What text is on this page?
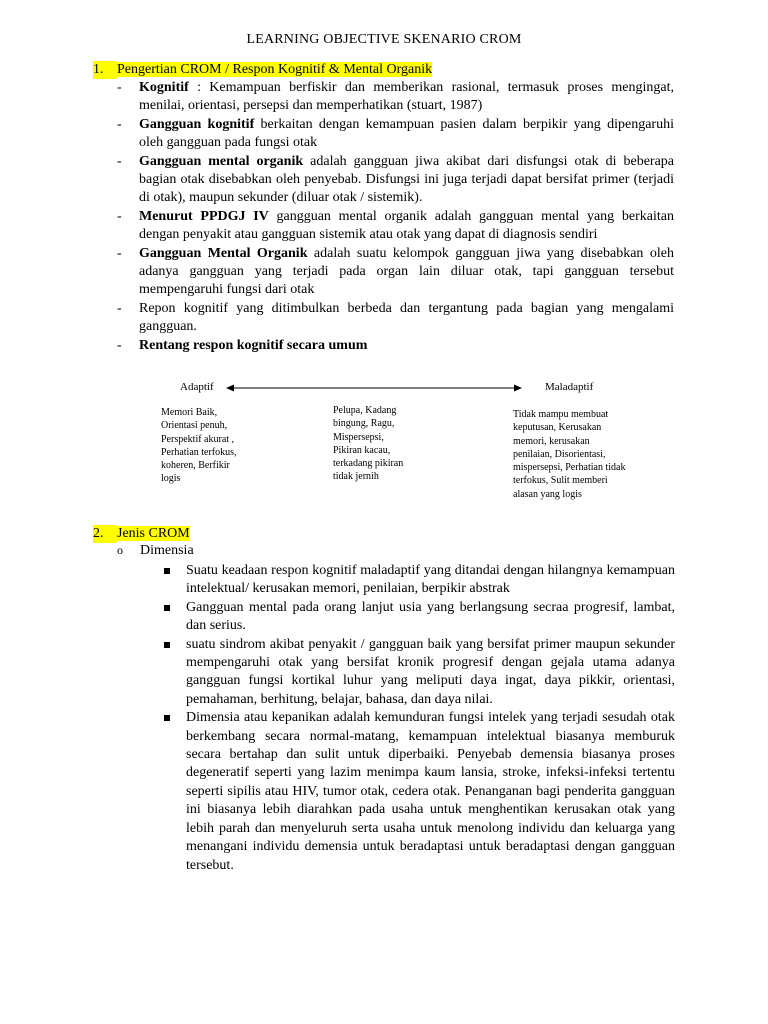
LEARNING OBJECTIVE SKENARIO CROM
1. Pengertian CROM / Respon Kognitif & Mental Organik
- Kognitif : Kemampuan berfiskir dan memberikan rasional, termasuk proses mengingat, menilai, orientasi, persepsi dan memperhatikan (stuart, 1987)
- Gangguan kognitif berkaitan dengan kemampuan pasien dalam berpikir yang dipengaruhi oleh gangguan pada fungsi otak
- Gangguan mental organik adalah gangguan jiwa akibat dari disfungsi otak di beberapa bagian otak disebabkan oleh penyebab. Disfungsi ini juga terjadi dapat bersifat primer (terjadi di otak), maupun sekunder (diluar otak / sistemik).
- Menurut PPDGJ IV gangguan mental organik adalah gangguan mental yang berkaitan dengan penyakit atau gangguan sistemik atau otak yang dapat di diagnosis sendiri
- Gangguan Mental Organik adalah suatu kelompok gangguan jiwa yang disebabkan oleh adanya gangguan yang terjadi pada organ lain diluar otak, tapi gangguan tersebut mempengaruhi fungsi dari otak
- Repon kognitif yang ditimbulkan berbeda dan tergantung pada bagian yang mengalami gangguan.
- Rentang respon kognitif secara umum
Adaptif	Maladaptif
Memori Baik,
Orientasi penuh,
Perspektif akurat ,
Perhatian terfokus,
koheren, Berfikir
logis
Pelupa, Kadang
bingung, Ragu,
Mispersepsi,
Pikiran kacau,
terkadang pikiran
tidak jernih
Tidak mampu membuat
keputusan, Kerusakan
memori, kerusakan
penilaian, Disorientasi,
mispersepsi, Perhatian tidak
terfokus, Sulit memberi
alasan yang logis
2. Jenis CROM
o Dimensia
Suatu keadaan respon kognitif maladaptif yang ditandai dengan hilangnya kemampuan intelektual/ kerusakan memori, penilaian, berpikir abstrak
Gangguan mental pada orang lanjut usia yang berlangsung secraa progresif, lambat, dan serius.
suatu sindrom akibat penyakit / gangguan baik yang bersifat primer maupun sekunder mempengaruhi otak yang bersifat kronik progresif dengan gejala utama adanya gangguan fungsi kortikal luhur yang meliputi daya ingat, daya pikkir, orientasi, pemahaman, berhitung, belajar, bahasa, dan daya nilai.
Dimensia atau kepanikan adalah kemunduran fungsi intelek yang terjadi sesudah otak berkembang secara normal-matang, kemampuan intelektual biasanya memburuk secara bertahap dan sulit untuk diperbaiki. Penyebab demensia biasanya proses degeneratif seperti yang lazim menimpa kaum lansia, stroke, infeksi-infeksi tertentu seperti sipilis atau HIV, tumor otak, cedera otak. Penanganan bagi penderita gangguan ini biasanya lebih diarahkan pada usaha untuk menghentikan kerusakan otak yang lebih parah dan menyeluruh serta usaha untuk menolong individu dan keluarga yang menangani individu demensia untuk beradaptasi untuk beradaptasi dengan gangguan tersebut.
